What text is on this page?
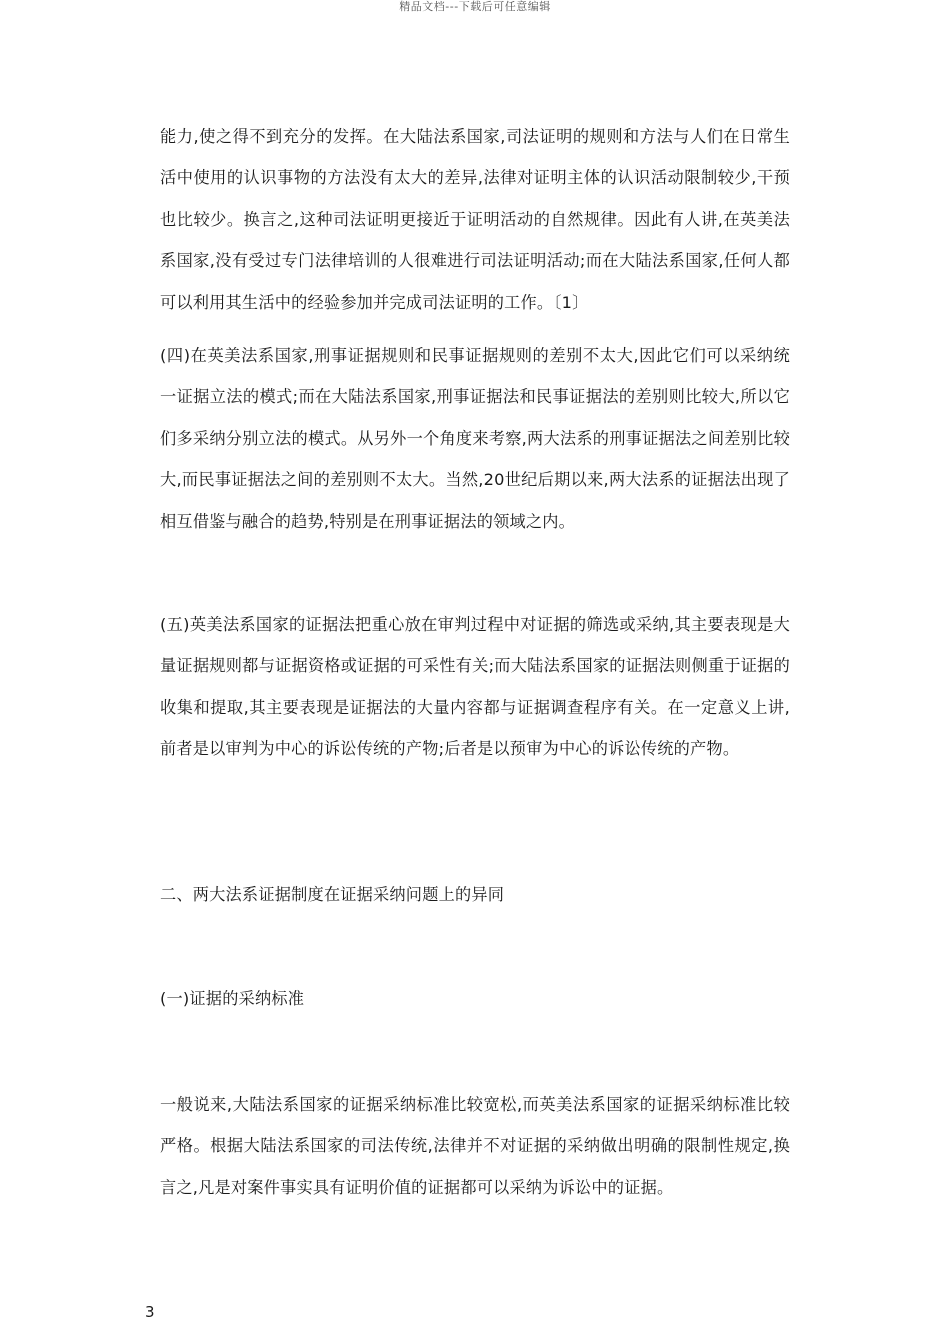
精品文档---下载后可任意编辑

能力,使之得不到充分的发挥。在大陆法系国家,司法证明的规则和方法与人们在日常生活中使用的认识事物的方法没有太大的差异,法律对证明主体的认识活动限制较少,干预也比较少。换言之,这种司法证明更接近于证明活动的自然规律。因此有人讲,在英美法系国家,没有受过专门法律培训的人很难进行司法证明活动;而在大陆法系国家,任何人都可以利用其生活中的经验参加并完成司法证明的工作。〔1〕

(四)在英美法系国家,刑事证据规则和民事证据规则的差别不太大,因此它们可以采纳统一证据立法的模式;而在大陆法系国家,刑事证据法和民事证据法的差别则比较大,所以它们多采纳分别立法的模式。从另外一个角度来考察,两大法系的刑事证据法之间差别比较大,而民事证据法之间的差别则不太大。当然,20世纪后期以来,两大法系的证据法出现了相互借鉴与融合的趋势,特别是在刑事证据法的领域之内。

(五)英美法系国家的证据法把重心放在审判过程中对证据的筛选或采纳,其主要表现是大量证据规则都与证据资格或证据的可采性有关;而大陆法系国家的证据法则侧重于证据的收集和提取,其主要表现是证据法的大量内容都与证据调查程序有关。在一定意义上讲,前者是以审判为中心的诉讼传统的产物;后者是以预审为中心的诉讼传统的产物。

二、两大法系证据制度在证据采纳问题上的异同

(一)证据的采纳标准

一般说来,大陆法系国家的证据采纳标准比较宽松,而英美法系国家的证据采纳标准比较严格。根据大陆法系国家的司法传统,法律并不对证据的采纳做出明确的限制性规定,换言之,凡是对案件事实具有证明价值的证据都可以采纳为诉讼中的证据。

3
